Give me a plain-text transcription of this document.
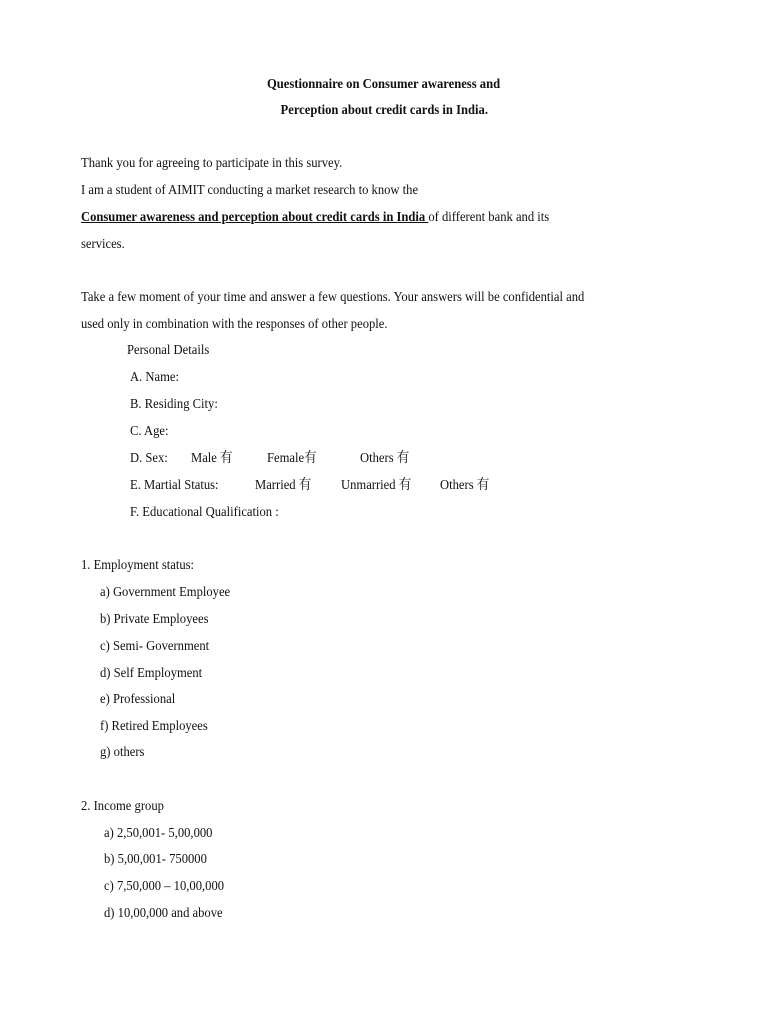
Questionnaire on Consumer awareness and
Perception about credit cards in India.
Thank you for agreeing to participate in this survey.
I am a student of AIMIT conducting a market research to know the
Consumer awareness and perception about credit cards in India of different bank and its
services.
Take a few moment of your time and answer a few questions. Your answers will be confidential and
used only in combination with the responses of other people.
Personal Details
A. Name:
B. Residing City:
C. Age:
D. Sex: Male 有 Female有	Others 有
E. Martial Status:	Married 有 Unmarried 有 Others 有
F. Educational Qualification :
1. Employment status:
a) Government Employee
b) Private Employees
c) Semi- Government
d) Self Employment
e) Professional
f) Retired Employees
g) others
2. Income group
a) 2,50,001- 5,00,000
b) 5,00,001- 750000
c) 7,50,000 – 10,00,000
d) 10,00,000 and above
